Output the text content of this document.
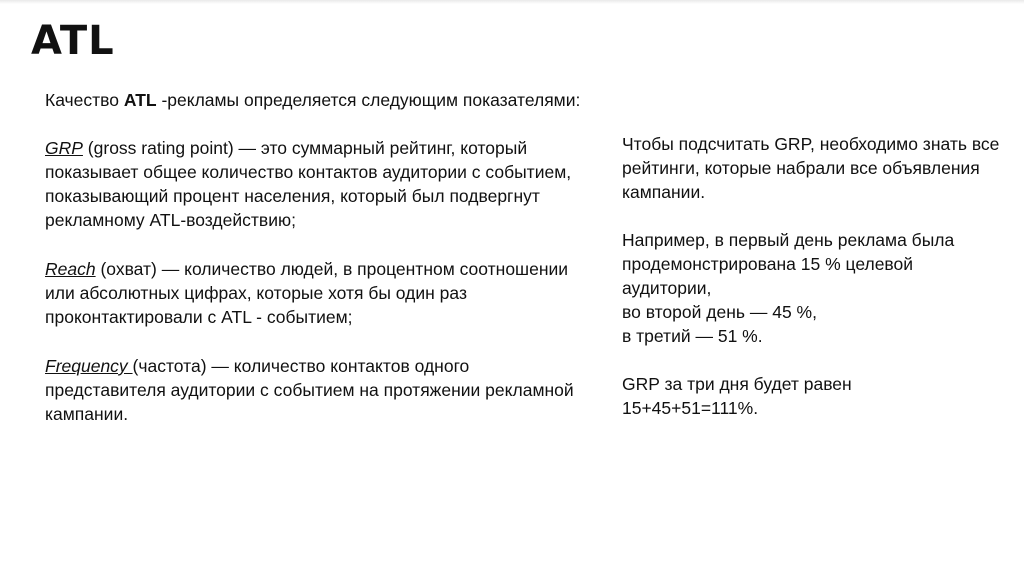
ATL

Качество ATL -рекламы определяется следующим показателями:

GRP (gross rating point) — это суммарный рейтинг, который показывает общее количество контактов аудитории с событием, показывающий процент населения, который был подвергнут рекламному ATL-воздействию;

Reach (охват) — количество людей, в процентном соотношении или абсолютных цифрах, которые хотя бы один раз проконтактировали с ATL - событием;

Frequency (частота) — количество контактов одного представителя аудитории с событием на протяжении рекламной кампании.

Чтобы подсчитать GRP, необходимо знать все рейтинги, которые набрали все объявления кампании.

Например, в первый день реклама была продемонстрирована 15 % целевой аудитории,
во второй день — 45 %,
в третий — 51 %.

GRP за три дня будет равен
15+45+51=111%.
